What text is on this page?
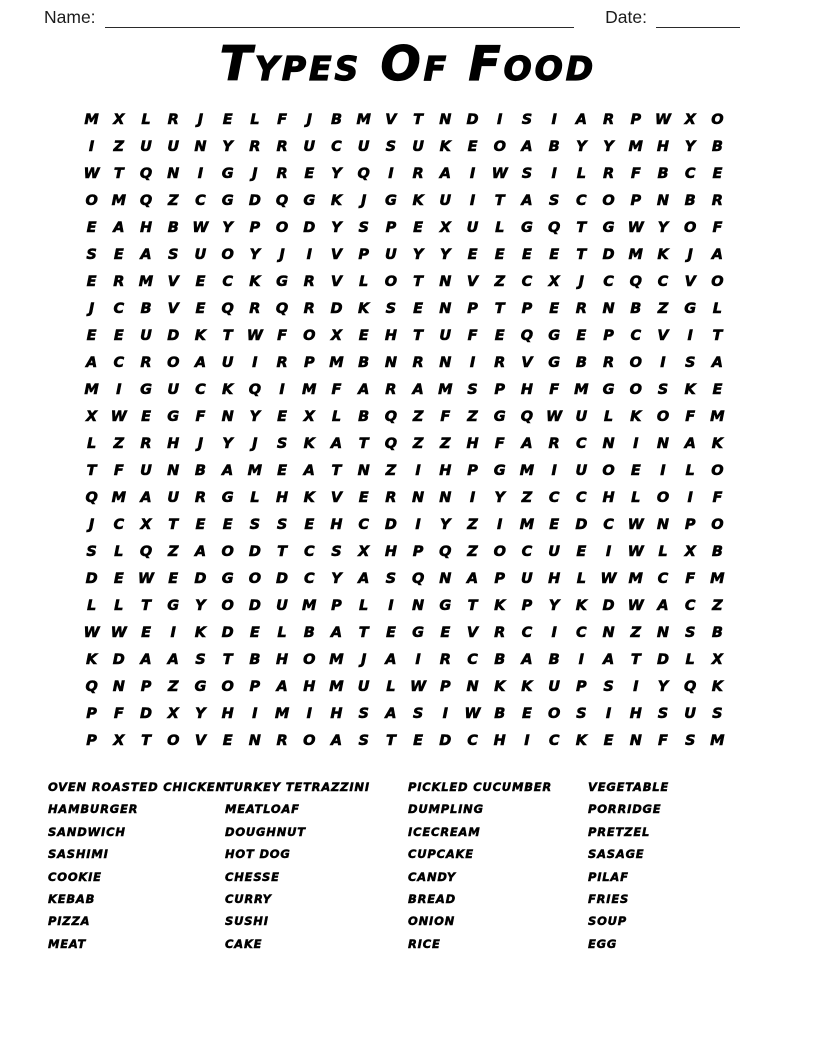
Name:	Date:
Types Of Food
M X	L	R	J	E	L	F	J	B M V	T	N	D	I	S	I	A	R	P W X	O
I	Z	U	U	N	Y	R	R	U	C	U	S	U	K	E	O	A	B	Y	Y	M H	Y	B
W T	Q	N	I	G	J	R	E	Y	Q	I	R	A	I	W S	I	L	R	F	B	C	E
O M Q	Z	C	G	D	Q	G	K	J	G	K	U	I	T	A	S	C	O	P	N	B	R
E	A	H	B W Y	P	O	D	Y	S	P	E	X	U	L	G	Q	T	G W Y	O	F
S	E	A	S	U	O	Y	J	I	V	P	U	Y	Y	E	E	E	E	T	D M K	J	A
E	R M V	E	C	K	G	R	V	L	O	T	N	V	Z	C	X	J	C	Q	C	V	O
J	C	B	V	E	Q	R	Q	R	D	K	S	E	N	P	T	P	E	R	N	B	Z	G	L
E	E	U	D	K	T W F	O	X	E	H	T	U	F	E	Q	G	E	P	C	V	I	T
A	C	R	O	A	U	I	R	P	M B	N	R	N	I	R	V	G	B	R	O	I	S	A
M	I	G	U	C	K	Q	I	M	F	A	R	A M	S	P	H	F	M G	O	S	K	E
X W E	G	F	N	Y	E	X	L	B	Q	Z	F	Z	G	Q W U	L	K	O	F	M
L	Z	R	H	J	Y	J	S	K	A	T	Q	Z	Z	H	F	A	R	C	N	I	N	A	K
T	F	U	N	B	A M	E	A	T	N	Z	I	H	P	G M	I	U	O	E	I	L	O
Q M A	U	R	G	L	H	K	V	E	R	N	N	I	Y	Z	C	C	H	L	O	I	F
J	C	X	T	E	E	S	S	E	H	C	D	I	Y	Z	I	M	E	D	C W N	P	O
S	L	Q	Z	A	O	D	T	C	S	X	H	P	Q	Z	O	C	U	E	I	W	L	X	B
D	E W E	D	G	O	D	C	Y	A	S	Q	N	A	P	U	H	L	W M	C	F	M
L	L	T	G	Y	O	D	U M	P	L	I	N	G	T	K	P	Y	K	D W A	C	Z
W W E	I	K	D	E	L	B	A	T	E	G	E	V	R	C	I	C	N	Z	N	S	B
K	D	A	A	S	T	B	H	O M	J	A	I	R	C	B	A	B	I	A	T	D	L	X
Q	N	P	Z	G	O	P	A	H M U	L	W P	N	K	K	U	P	S	I	Y	Q	K
P	F	D	X	Y	H	I	M	I	H	S	A	S	I	W B	E	O	S	I	H	S	U	S
P	X	T	O	V	E	N	R	O	A	S	T	E	D	C	H	I	C	K	E	N	F	S	M
OVEN ROASTED CHICKEN
HAMBURGER
SANDWICH
SASHIMI
COOKIE
KEBAB
PIZZA
MEAT
TURKEY TETRAZZINI
MEATLOAF
DOUGHNUT
HOT DOG
CHESSE
CURRY
SUSHI
CAKE
PICKLED CUCUMBER
DUMPLING
ICECREAM
CUPCAKE
CANDY
BREAD
ONION
RICE
VEGETABLE
PORRIDGE
PRETZEL
SASAGE
PILAF
FRIES
SOUP
EGG
